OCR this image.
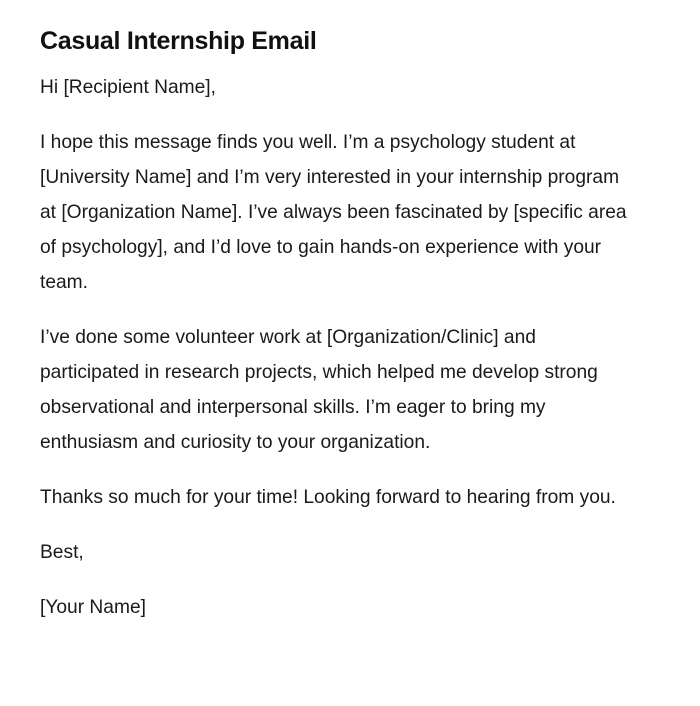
Casual Internship Email

Hi [Recipient Name],

I hope this message finds you well. I’m a psychology student at [University Name] and I’m very interested in your internship program at [Organization Name]. I’ve always been fascinated by [specific area of psychology], and I’d love to gain hands-on experience with your team.

I’ve done some volunteer work at [Organization/Clinic] and participated in research projects, which helped me develop strong observational and interpersonal skills. I’m eager to bring my enthusiasm and curiosity to your organization.

Thanks so much for your time! Looking forward to hearing from you.

Best,

[Your Name]
